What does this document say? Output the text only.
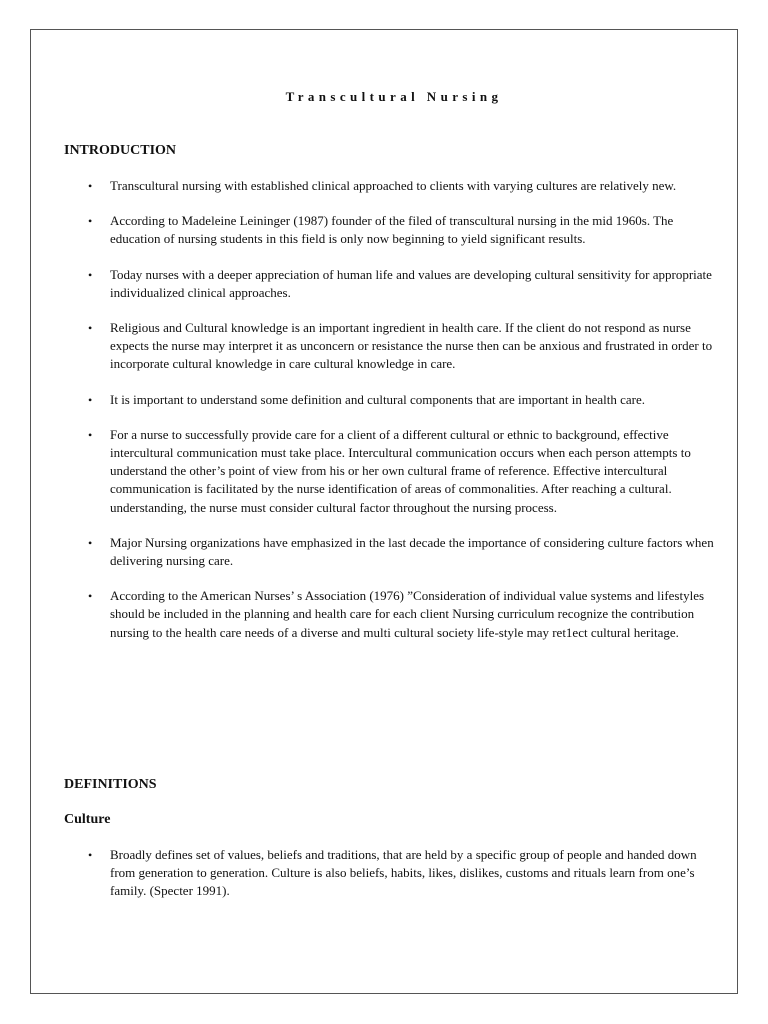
Transcultural Nursing
INTRODUCTION
• Transcultural nursing with established clinical approached to clients with varying cultures are relatively new.
• According to Madeleine Leininger (1987) founder of the filed of transcultural nursing in the mid 1960s. The education of nursing students in this field is only now beginning to yield significant results.
• Today nurses with a deeper appreciation of human life and values are developing cultural sensitivity for appropriate individualized clinical approaches.
• Religious and Cultural knowledge is an important ingredient in health care. If the client do not respond as nurse expects the nurse may interpret it as unconcern or resistance the nurse then can be anxious and frustrated in order to incorporate cultural knowledge in care cultural knowledge in care.
• It is important to understand some definition and cultural components that are important in health care.
• For a nurse to successfully provide care for a client of a different cultural or ethnic to background, effective intercultural communication must take place. Intercultural communication occurs when each person attempts to understand the other’s point of view from his or her own cultural frame of reference. Effective intercultural communication is facilitated by the nurse identification of areas of commonalities. After reaching a cultural. understanding, the nurse must consider cultural factor throughout the nursing process.
• Major Nursing organizations have emphasized in the last decade the importance of considering culture factors when delivering nursing care.
• According to the American Nurses’ s Association (1976) ”Consideration of individual value systems and lifestyles should be included in the planning and health care for each client Nursing curriculum recognize the contribution nursing to the health care needs of a diverse and multi cultural society life-style may ret1ect cultural heritage.
DEFINITIONS
Culture
• Broadly defines set of values, beliefs and traditions, that are held by a specific group of people and handed down from generation to generation. Culture is also beliefs, habits, likes, dislikes, customs and rituals learn from one’s family. (Specter 1991).
